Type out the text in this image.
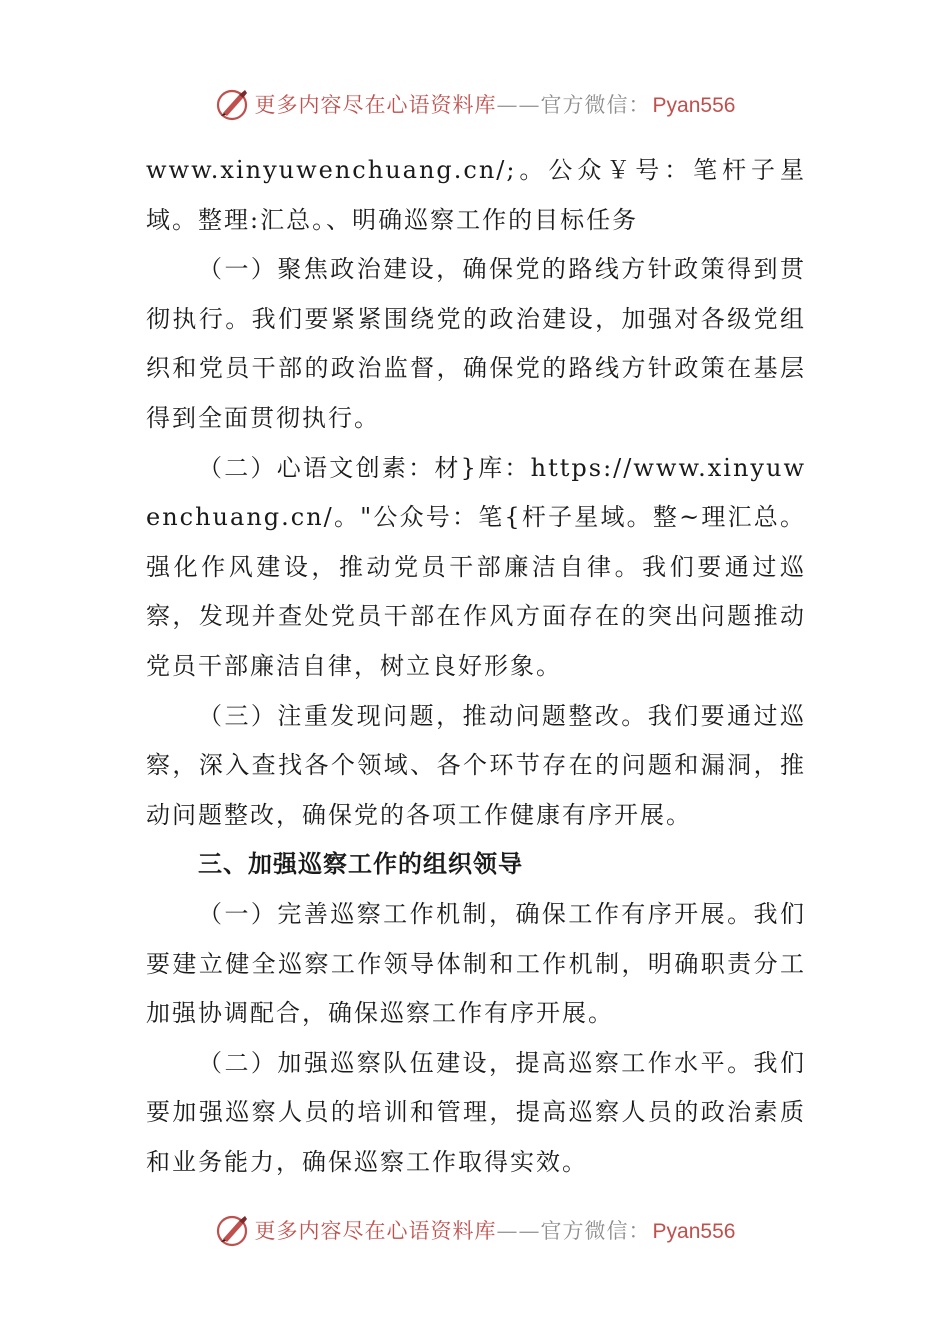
更多内容尽在心语资料库——官方微信：Pyan556

www.xinyuwenchuang.cn/;。公众￥号：笔杆子星域。整理:汇总。、明确巡察工作的目标任务

（一）聚焦政治建设，确保党的路线方针政策得到贯彻执行。我们要紧紧围绕党的政治建设，加强对各级党组织和党员干部的政治监督，确保党的路线方针政策在基层得到全面贯彻执行。

（二）心语文创素：材}库：https://www.xinyuwenchuang.cn/。"公众号：笔{杆子星域。整~理汇总。强化作风建设，推动党员干部廉洁自律。我们要通过巡察，发现并查处党员干部在作风方面存在的突出问题推动党员干部廉洁自律，树立良好形象。

（三）注重发现问题，推动问题整改。我们要通过巡察，深入查找各个领域、各个环节存在的问题和漏洞，推动问题整改，确保党的各项工作健康有序开展。

三、加强巡察工作的组织领导

（一）完善巡察工作机制，确保工作有序开展。我们要建立健全巡察工作领导体制和工作机制，明确职责分工加强协调配合，确保巡察工作有序开展。

（二）加强巡察队伍建设，提高巡察工作水平。我们要加强巡察人员的培训和管理，提高巡察人员的政治素质和业务能力，确保巡察工作取得实效。

更多内容尽在心语资料库——官方微信：Pyan556
